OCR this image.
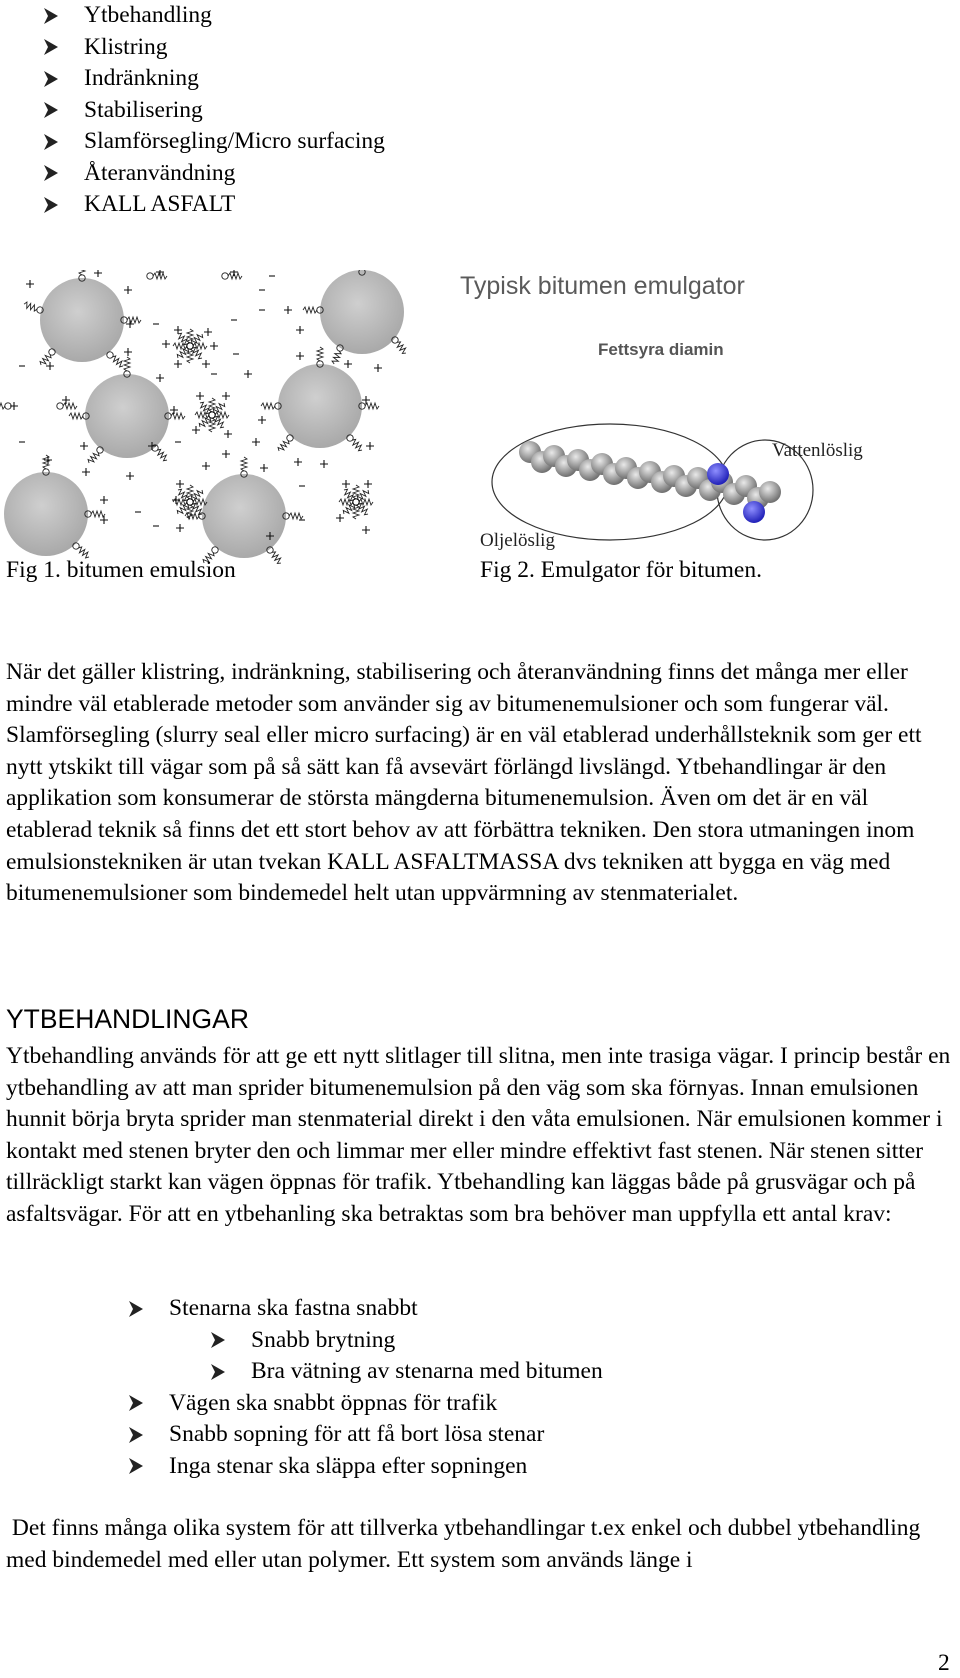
Ytbehandling
Klistring
Indränkning
Stabilisering
Slamförsegling/Micro surfacing
Återanvändning
KALL ASFALT
Fig 1. bitumen emulsion
Typisk bitumen emulgator
Fettsyra diamin
Vattenlöslig
Oljelöslig
Fig 2. Emulgator för bitumen.

När det gäller klistring, indränkning, stabilisering och återanvändning finns det många mer eller mindre väl etablerade metoder som använder sig av bitumenemulsioner och som fungerar väl. Slamförsegling (slurry seal eller micro surfacing) är en väl etablerad underhållsteknik som ger ett nytt ytskikt till vägar som på så sätt kan få avsevärt förlängd livslängd. Ytbehandlingar är den applikation som konsumerar de största mängderna bitumenemulsion. Även om det är en väl etablerad teknik så finns det ett stort behov av att förbättra tekniken. Den stora utmaningen inom emulsionstekniken är utan tvekan KALL ASFALTMASSA dvs tekniken att bygga en väg med bitumenemulsioner som bindemedel helt utan uppvärmning av stenmaterialet.

YTBEHANDLINGAR

Ytbehandling används för att ge ett nytt slitlager till slitna, men inte trasiga vägar. I princip består en ytbehandling av att man sprider bitumenemulsion på den väg som ska förnyas. Innan emulsionen hunnit börja bryta sprider man stenmaterial direkt i den våta emulsionen. När emulsionen kommer i kontakt med stenen bryter den och limmar mer eller mindre effektivt fast stenen. När stenen sitter tillräckligt starkt kan vägen öppnas för trafik. Ytbehandling kan läggas både på grusvägar och på asfaltsvägar. För att en ytbehanling ska betraktas som bra behöver man uppfylla ett antal krav:

Stenarna ska fastna snabbt
Snabb brytning
Bra vätning av stenarna med bitumen
Vägen ska snabbt öppnas för trafik
Snabb sopning för att få bort lösa stenar
Inga stenar ska släppa efter sopningen

Det finns många olika system för att tillverka ytbehandlingar t.ex enkel och dubbel ytbehandling med bindemedel med eller utan polymer. Ett system som används länge i

2
